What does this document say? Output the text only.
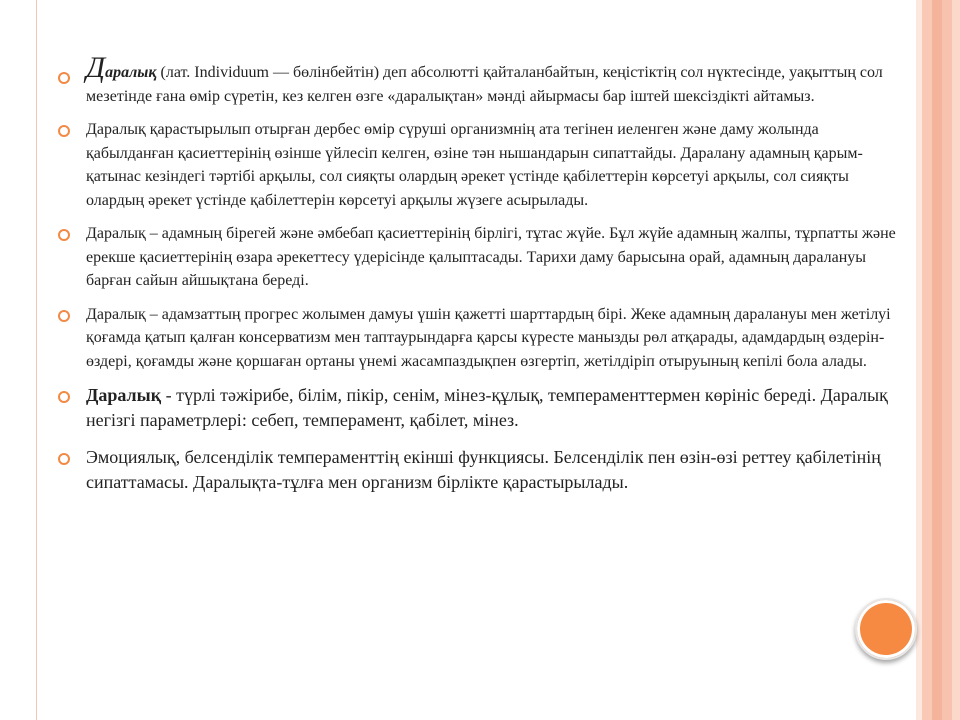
Даралық (лат. Individuum — бөлінбейтін) деп абсолютті қайталанбайтын, кеңістіктің сол нүктесінде, уақыттың сол мезетінде ғана өмір сүретін, кез келген өзге «даралықтан» мәнді айырмасы бар іштей шексіздікті айтамыз.
Даралық қарастырылып отырған дербес өмір сүруші организмнің ата тегінен иеленген және даму жолында қабылданған қасиеттерінің өзінше үйлесіп келген, өзіне тән нышандарын сипаттайды. Даралану адамның қарым-қатынас кезіндегі тәртібі арқылы, сол сияқты олардың әрекет үстінде қабілеттерін көрсетуі арқылы, сол сияқты олардың әрекет үстінде қабілеттерін көрсетуі арқылы жүзеге асырылады.
Даралық – адамның бірегей және әмбебап қасиеттерінің бірлігі, тұтас жүйе. Бұл жүйе адамның жалпы, тұрпатты және ерекше қасиеттерінің өзара әрекеттесу үдерісінде қалыптасады. Тарихи даму барысына орай, адамның даралануы барған сайын айшықтана береді.
Даралық – адамзаттың прогрес жолымен дамуы үшін қажетті шарттардың бірі. Жеке адамның даралануы мен жетілуі қоғамда қатып қалған консерватизм мен таптаурындарға қарсы күресте манызды рөл атқарады, адамдардың өздерін-өздері, қоғамды және қоршаған ортаны үнемі жасампаздықпен өзгертіп, жетілдіріп отыруының кепілі бола алады.
Даралық - түрлі тәжірибе, білім, пікір, сенім, мінез-құлық, темпераменттермен көрініс береді. Даралық негізгі параметрлері: себеп, темперамент, қабілет, мінез.
Эмоциялық, белсенділік темпераменттің екінші функциясы. Белсенділік пен өзін-өзі реттеу қабілетінің сипаттамасы. Даралықта-тұлға мен организм бірлікте қарастырылады.
